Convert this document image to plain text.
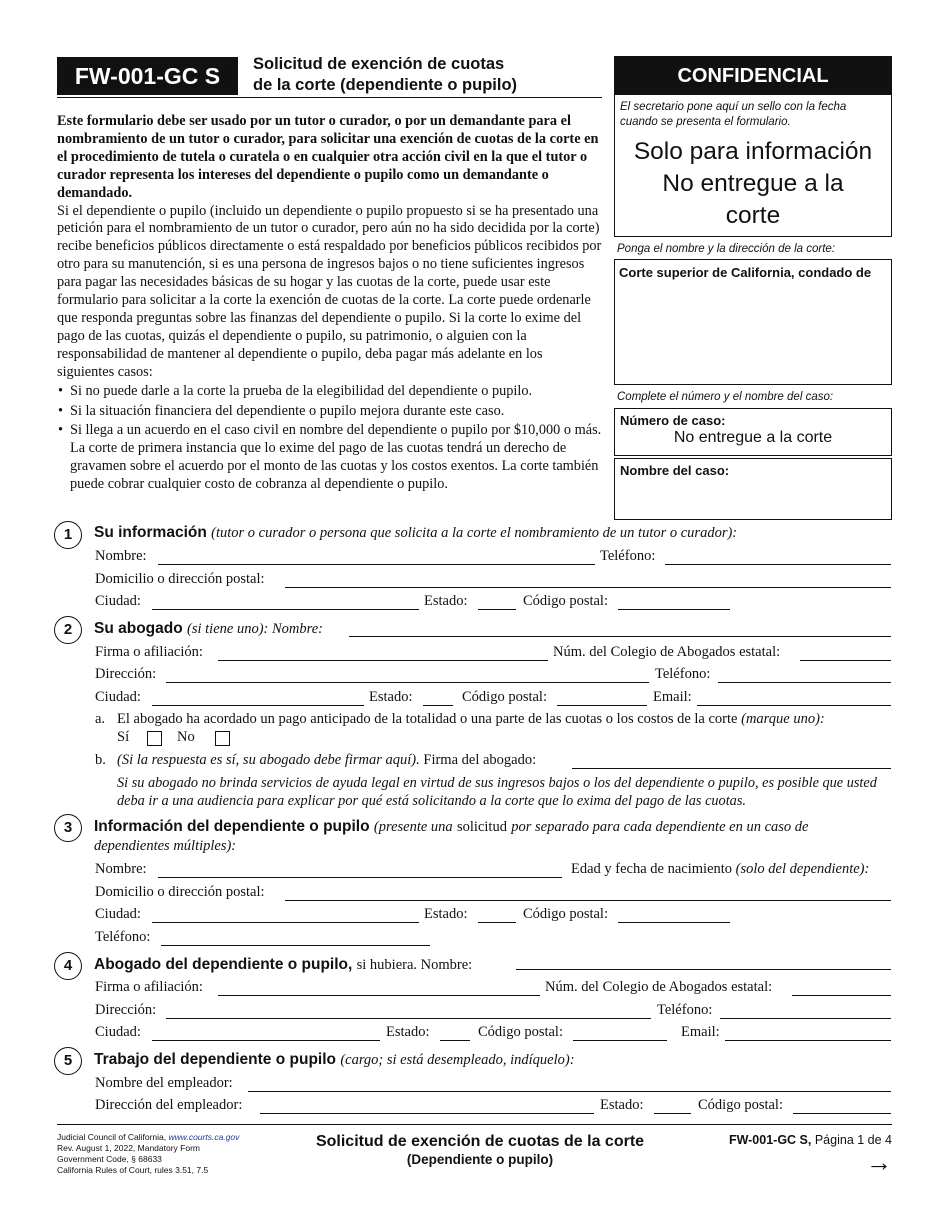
FW-001-GC S	Solicitud de exención de cuotas
de la corte (dependiente o pupilo)

Este formulario debe ser usado por un tutor o curador, o por un demandante para el nombramiento de un tutor o curador, para solicitar una exención de cuotas de la corte en el procedimiento de tutela o curatela o en cualquier otra acción civil en la que el tutor o curador representa los intereses del dependiente o pupilo como un demandante o demandado.

Si el dependiente o pupilo (incluido un dependiente o pupilo propuesto si se ha presentado una petición para el nombramiento de un tutor o curador, pero aún no ha sido decidida por la corte) recibe beneficios públicos directamente o está respaldado por beneficios públicos recibidos por otro para su manutención, si es una persona de ingresos bajos o no tiene suficientes ingresos para pagar las necesidades básicas de su hogar y las cuotas de la corte, puede usar este formulario para solicitar a la corte la exención de cuotas de la corte. La corte puede ordenarle que responda preguntas sobre las finanzas del dependiente o pupilo. Si la corte lo exime del pago de las cuotas, quizás el dependiente o pupilo, su patrimonio, o alguien con la responsabilidad de mantener al dependiente o pupilo, deba pagar más adelante en los siguientes casos:

• Si no puede darle a la corte la prueba de la elegibilidad del dependiente o pupilo.
• Si la situación financiera del dependiente o pupilo mejora durante este caso.
• Si llega a un acuerdo en el caso civil en nombre del dependiente o pupilo por $10,000 o más. La corte de primera instancia que lo exime del pago de las cuotas tendrá un derecho de gravamen sobre el acuerdo por el monto de las cuotas y los costos exentos. La corte también puede cobrar cualquier costo de cobranza al dependiente o pupilo.
CONFIDENCIAL
El secretario pone aquí un sello con la fecha cuando se presenta el formulario.
Solo para información
No entregue a la corte
Ponga el nombre y la dirección de la corte:
Corte superior de California, condado de
Complete el número y el nombre del caso:
Número de caso:
No entregue a la corte
Nombre del caso:
1	Su información (tutor o curador o persona que solicita a la corte el nombramiento de un tutor o curador):
Nombre:	Teléfono:
Domicilio o dirección postal:
Ciudad:	Estado:	Código postal:
2	Su abogado (si tiene uno): Nombre:
Firma o afiliación:	Núm. del Colegio de Abogados estatal:
Dirección:	Teléfono:
Ciudad:	Estado:	Código postal:	Email:
a. El abogado ha acordado un pago anticipado de la totalidad o una parte de las cuotas o los costos de la corte (marque uno):
Sí	No
b. (Si la respuesta es sí, su abogado debe firmar aquí). Firma del abogado:
Si su abogado no brinda servicios de ayuda legal en virtud de sus ingresos bajos o los del dependiente o pupilo, es posible que usted deba ir a una audiencia para explicar por qué está solicitando a la corte que lo exima del pago de las cuotas.
3	Información del dependiente o pupilo (presente una solicitud por separado para cada dependiente en un caso de
dependientes múltiples):
Nombre:	Edad y fecha de nacimiento (solo del dependiente):
Domicilio o dirección postal:
Ciudad:	Estado:	Código postal:
Teléfono:
4	Abogado del dependiente o pupilo, si hubiera. Nombre:
Firma o afiliación:	Núm. del Colegio de Abogados estatal:
Dirección:	Teléfono:
Ciudad:	Estado:	Código postal:	Email:
5	Trabajo del dependiente o pupilo (cargo; si está desempleado, indíquelo):
Nombre del empleador:
Dirección del empleador:	Estado:	Código postal:
Judicial Council of California, www.courts.ca.gov
Rev. August 1, 2022, Mandatory Form
Government Code, § 68633
California Rules of Court, rules 3.51, 7.5
Solicitud de exención de cuotas de la corte
(Dependiente o pupilo)
FW-001-GC S, Página 1 de 4
→
